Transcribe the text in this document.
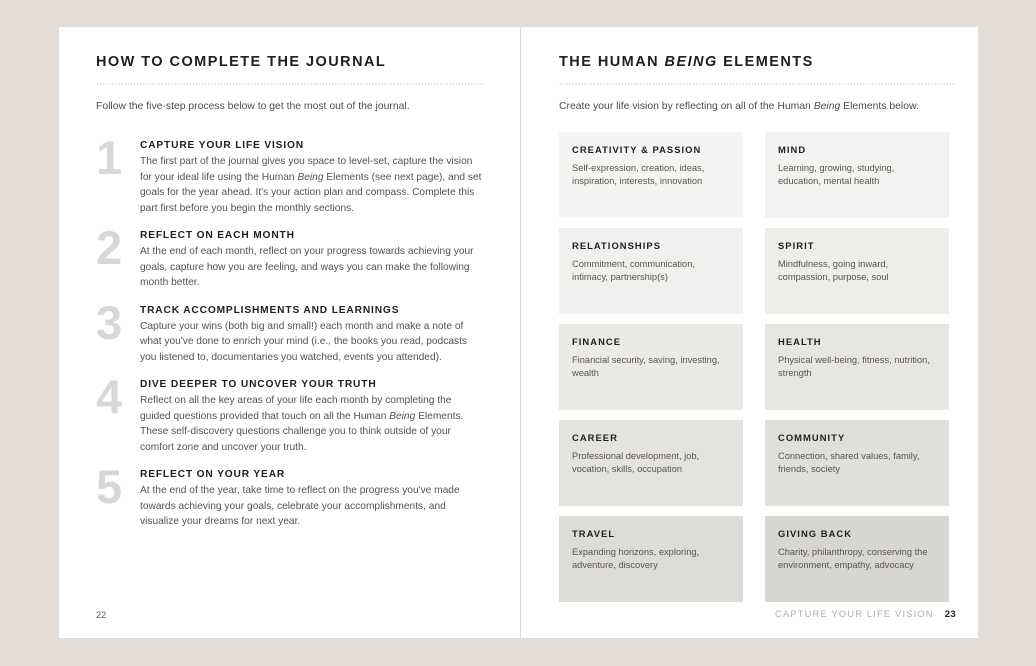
HOW TO COMPLETE THE JOURNAL
Follow the five-step process below to get the most out of the journal.
1	CAPTURE YOUR LIFE VISION
The first part of the journal gives you space to level-set, capture the vision for your ideal life using the Human Being Elements (see next page), and set goals for the year ahead. It's your action plan and compass. Complete this part first before you begin the monthly sections.
2	REFLECT ON EACH MONTH
At the end of each month, reflect on your progress towards achieving your goals, capture how you are feeling, and ways you can make the following month better.
3	TRACK ACCOMPLISHMENTS AND LEARNINGS
Capture your wins (both big and small!) each month and make a note of what you've done to enrich your mind (i.e., the books you read, podcasts you listened to, documentaries you watched, events you attended).
4	DIVE DEEPER TO UNCOVER YOUR TRUTH
Reflect on all the key areas of your life each month by completing the guided questions provided that touch on all the Human Being Elements. These self-discovery questions challenge you to think outside of your comfort zone and uncover your truth.
5	REFLECT ON YOUR YEAR
At the end of the year, take time to reflect on the progress you've made towards achieving your goals, celebrate your accomplishments, and visualize your dreams for next year.
22
THE HUMAN BEING ELEMENTS
Create your life vision by reflecting on all of the Human Being Elements below.
CREATIVITY & PASSION
Self-expression, creation, ideas, inspiration, interests, innovation
MIND
Learning, growing, studying, education, mental health
RELATIONSHIPS
Commitment, communication, intimacy, partnership(s)
SPIRIT
Mindfulness, going inward, compassion, purpose, soul
FINANCE
Financial security, saving, investing, wealth
HEALTH
Physical well-being, fitness, nutrition, strength
CAREER
Professional development, job, vocation, skills, occupation
COMMUNITY
Connection, shared values, family, friends, society
TRAVEL
Expanding horizons, exploring, adventure, discovery
GIVING BACK
Charity, philanthropy, conserving the environment, empathy, advocacy
CAPTURE YOUR LIFE VISION 23
